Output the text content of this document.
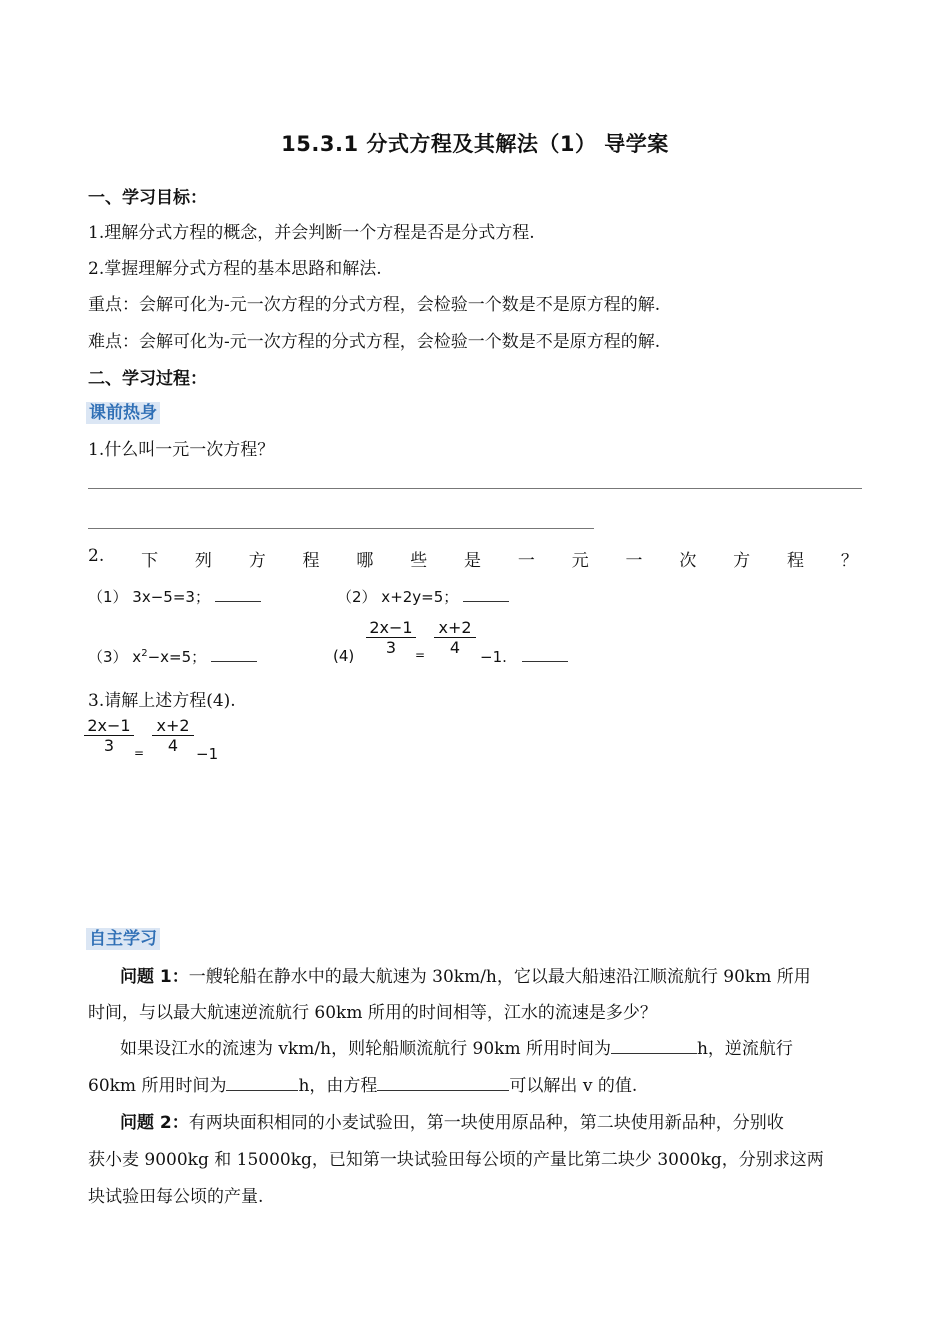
15.3.1 分式方程及其解法（1） 导学案
一、学习目标：
1.理解分式方程的概念，并会判断一个方程是否是分式方程.
2.掌握理解分式方程的基本思路和解法.
重点：会解可化为-元一次方程的分式方程，会检验一个数是不是原方程的解.
难点：会解可化为-元一次方程的分式方程，会检验一个数是不是原方程的解.
二、学习过程：
课前热身
1.什么叫一元一次方程？
2. 下 列 方 程 哪 些 是 一 元 一 次 方 程 ？
（1） 3x−5=3；	（2） x+2y=5；
（3） $x^2-x=5$；	$(4) \frac{2x-1}{3} = \frac{x+2}{4} -1$.
3.请解上述方程(4).
$\frac{2x-1}{3} = \frac{x+2}{4} -1$
自主学习
问题 1：一艘轮船在静水中的最大航速为 30km/h，它以最大船速沿江顺流航行 90km 所用
时间，与以最大航速逆流航行 60km 所用的时间相等，江水的流速是多少？
如果设江水的流速为 vkm/h，则轮船顺流航行 90km 所用时间为	h，逆流航行
60km 所用时间为	h，由方程	可以解出 v 的值.
问题 2：有两块面积相同的小麦试验田，第一块使用原品种，第二块使用新品种，分别收
获小麦 9000kg 和 15000kg，已知第一块试验田每公顷的产量比第二块少 3000kg，分别求这两
块试验田每公顷的产量.
